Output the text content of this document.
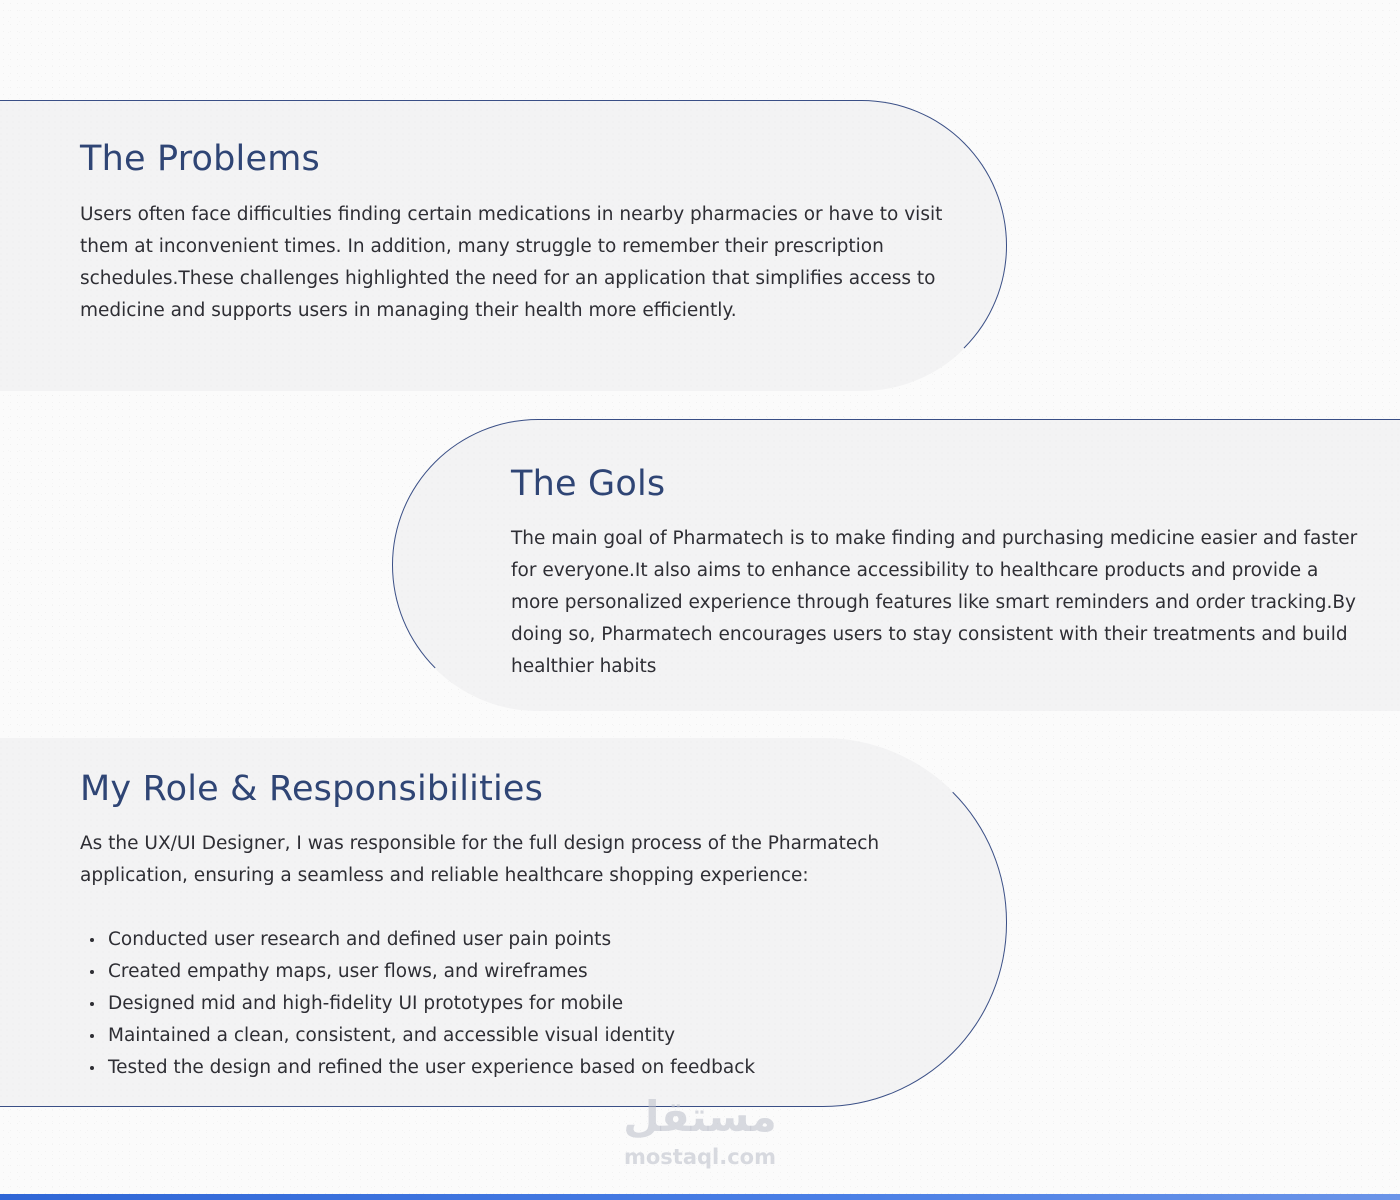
The Problems

Users often face difficulties finding certain medications in nearby pharmacies or have to visit them at inconvenient times. In addition, many struggle to remember their prescription schedules.These challenges highlighted the need for an application that simplifies access to medicine and supports users in managing their health more efficiently.

The Gols

The main goal of Pharmatech is to make finding and purchasing medicine easier and faster for everyone.It also aims to enhance accessibility to healthcare products and provide a more personalized experience through features like smart reminders and order tracking.By doing so, Pharmatech encourages users to stay consistent with their treatments and build healthier habits

My Role & Responsibilities

As the UX/UI Designer, I was responsible for the full design process of the Pharmatech application, ensuring a seamless and reliable healthcare shopping experience:

Conducted user research and defined user pain points
Created empathy maps, user flows, and wireframes
Designed mid and high-fidelity UI prototypes for mobile
Maintained a clean, consistent, and accessible visual identity
Tested the design and refined the user experience based on feedback
مستقل
mostaql.com
